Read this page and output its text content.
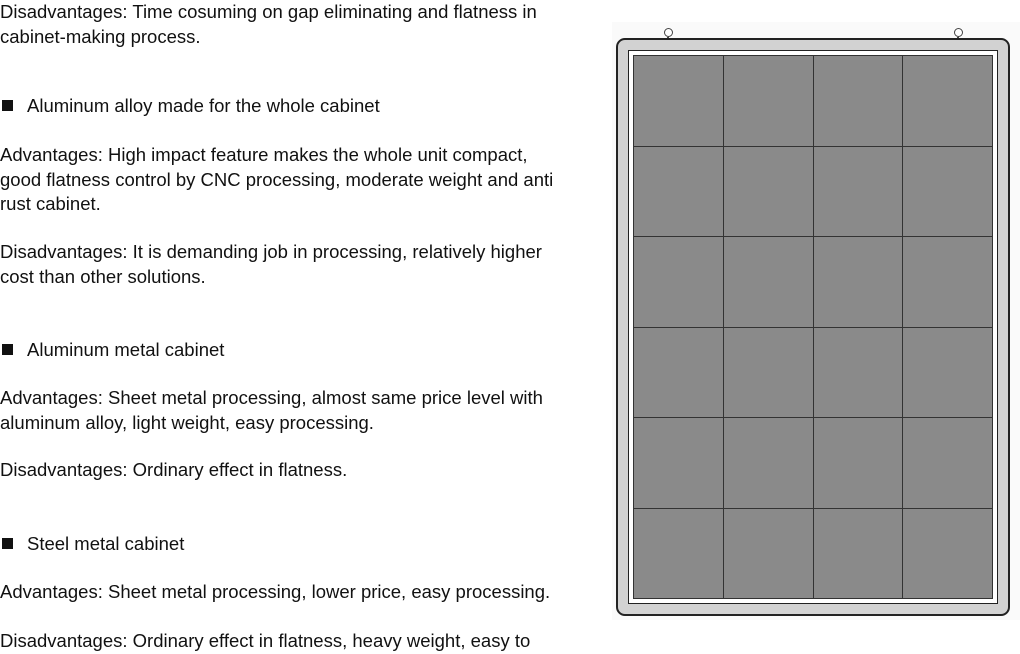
Disadvantages: Time cosuming on gap eliminating and flatness in
cabinet-making process.

Aluminum alloy made for the whole cabinet

Advantages: High impact feature makes the whole unit compact,
good flatness control by CNC processing, moderate weight and anti
rust cabinet.

Disadvantages: It is demanding job in processing, relatively higher
cost than other solutions.

Aluminum metal cabinet

Advantages: Sheet metal processing, almost same price level with
aluminum alloy, light weight, easy processing.

Disadvantages: Ordinary effect in flatness.

Steel metal cabinet

Advantages: Sheet metal processing, lower price, easy processing.

Disadvantages: Ordinary effect in flatness, heavy weight, easy to
